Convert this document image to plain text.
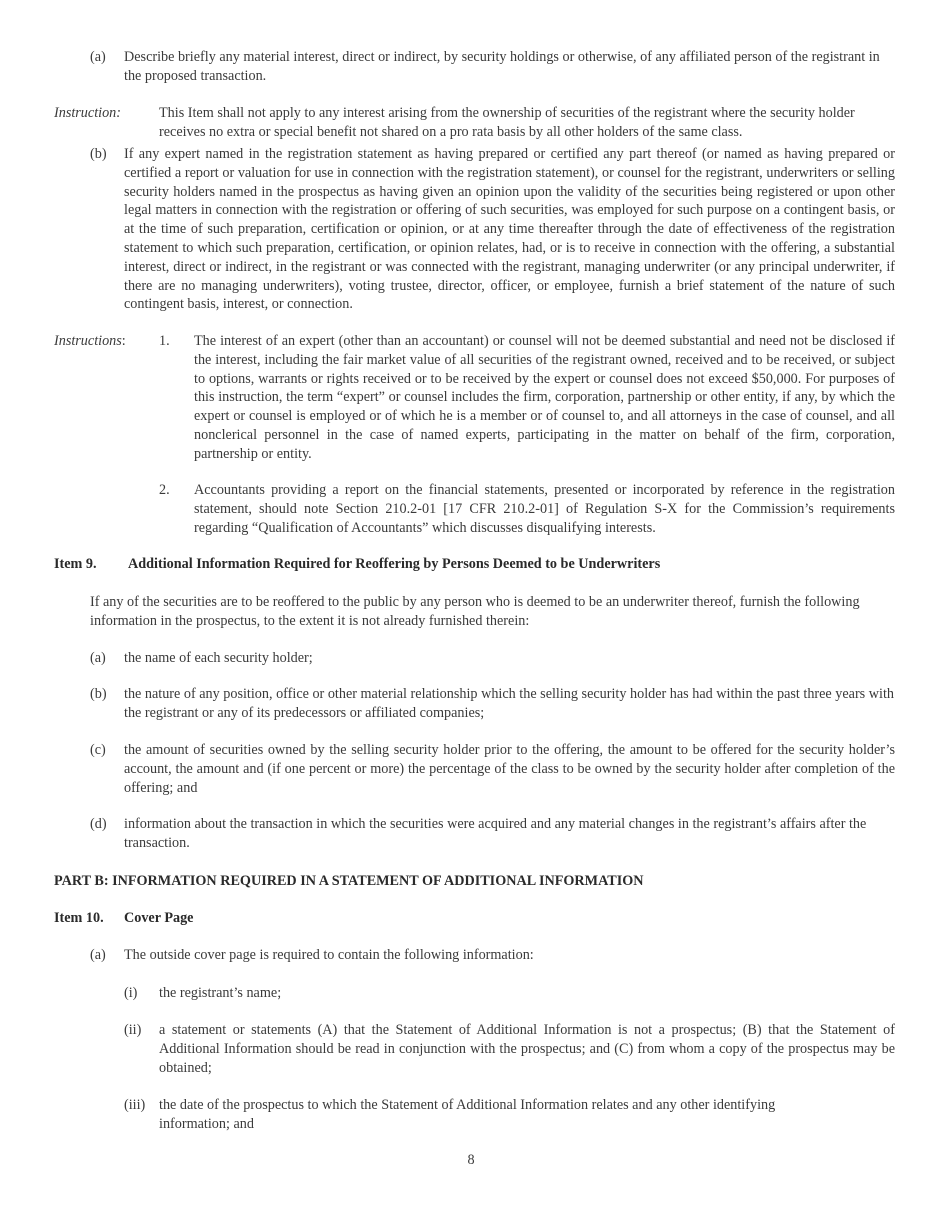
(a) Describe briefly any material interest, direct or indirect, by security holdings or otherwise, of any affiliated person of the registrant in the proposed transaction.
Instruction:	This Item shall not apply to any interest arising from the ownership of securities of the registrant where the security holder receives no extra or special benefit not shared on a pro rata basis by all other holders of the same class.
(b) If any expert named in the registration statement as having prepared or certified any part thereof (or named as having prepared or certified a report or valuation for use in connection with the registration statement), or counsel for the registrant, underwriters or selling security holders named in the prospectus as having given an opinion upon the validity of the securities being registered or upon other legal matters in connection with the registration or offering of such securities, was employed for such purpose on a contingent basis, or at the time of such preparation, certification or opinion, or at any time thereafter through the date of effectiveness of the registration statement to which such preparation, certification, or opinion relates, had, or is to receive in connection with the offering, a substantial interest, direct or indirect, in the registrant or was connected with the registrant, managing underwriter (or any principal underwriter, if there are no managing underwriters), voting trustee, director, officer, or employee, furnish a brief statement of the nature of such contingent basis, interest, or connection.
Instructions: 1. The interest of an expert (other than an accountant) or counsel will not be deemed substantial and need not be disclosed if the interest, including the fair market value of all securities of the registrant owned, received and to be received, or subject to options, warrants or rights received or to be received by the expert or counsel does not exceed $50,000. For purposes of this instruction, the term “expert” or counsel includes the firm, corporation, partnership or other entity, if any, by which the expert or counsel is employed or of which he is a member or of counsel to, and all attorneys in the case of counsel, and all nonclerical personnel in the case of named experts, participating in the matter on behalf of the firm, corporation, partnership or entity.
2. Accountants providing a report on the financial statements, presented or incorporated by reference in the registration statement, should note Section 210.2-01 [17 CFR 210.2-01] of Regulation S-X for the Commission’s requirements regarding “Qualification of Accountants” which discusses disqualifying interests.
Item 9. Additional Information Required for Reoffering by Persons Deemed to be Underwriters
If any of the securities are to be reoffered to the public by any person who is deemed to be an underwriter thereof, furnish the following information in the prospectus, to the extent it is not already furnished therein:
(a) the name of each security holder;
(b) the nature of any position, office or other material relationship which the selling security holder has had within the past three years with the registrant or any of its predecessors or affiliated companies;
(c) the amount of securities owned by the selling security holder prior to the offering, the amount to be offered for the security holder’s account, the amount and (if one percent or more) the percentage of the class to be owned by the security holder after completion of the offering; and
(d) information about the transaction in which the securities were acquired and any material changes in the registrant’s affairs after the transaction.
PART B: INFORMATION REQUIRED IN A STATEMENT OF ADDITIONAL INFORMATION
Item 10. Cover Page
(a) The outside cover page is required to contain the following information:
(i) the registrant’s name;
(ii) a statement or statements (A) that the Statement of Additional Information is not a prospectus; (B) that the Statement of Additional Information should be read in conjunction with the prospectus; and (C) from whom a copy of the prospectus may be obtained;
(iii) the date of the prospectus to which the Statement of Additional Information relates and any other identifying information; and
8
